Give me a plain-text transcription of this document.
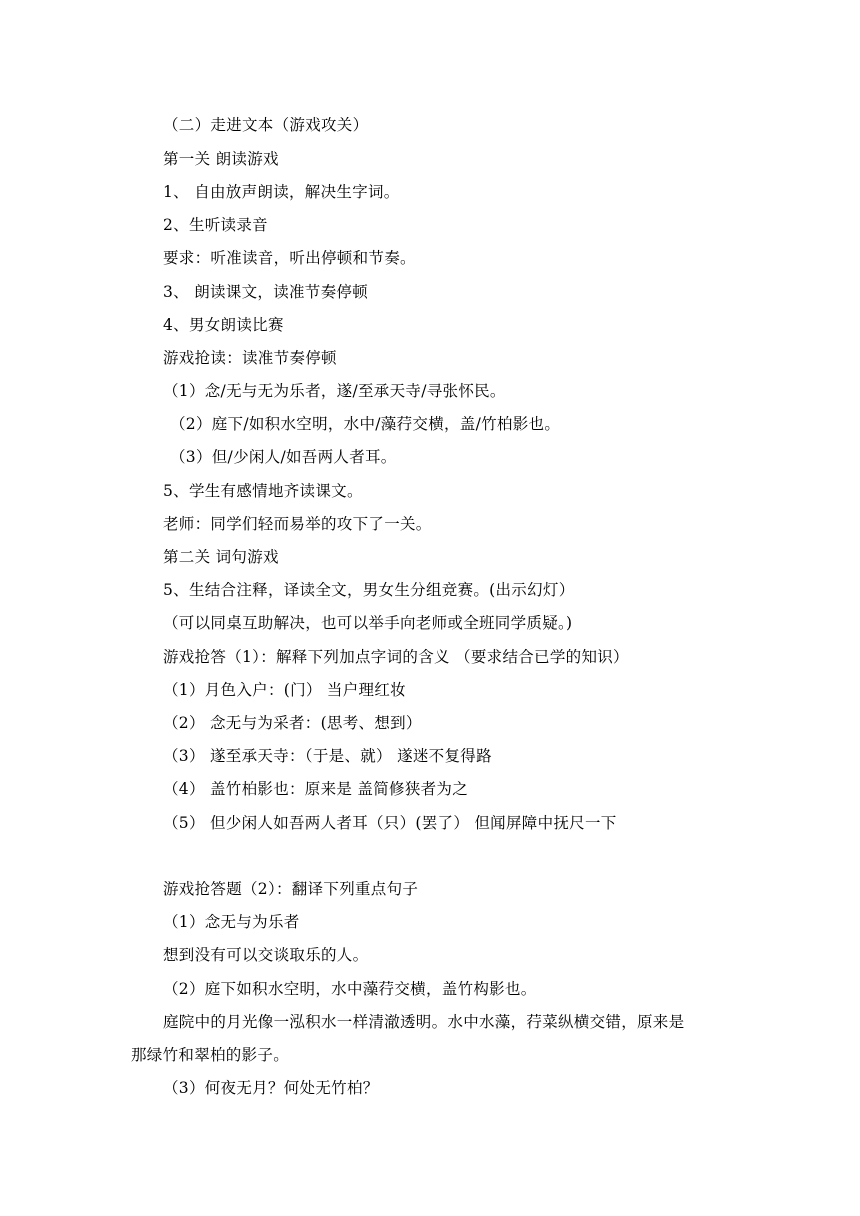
（二）走进文本（游戏攻关）
第一关 朗读游戏
1、 自由放声朗读，解决生字词。
2、生听读录音
要求：听准读音，听出停顿和节奏。
3、 朗读课文，读准节奏停顿
4、男女朗读比赛
游戏抢读：读准节奏停顿
（1）念/无与无为乐者，遂/至承天寺/寻张怀民。
（2）庭下/如积水空明，水中/藻荇交横，盖/竹柏影也。
（3）但/少闲人/如吾两人者耳。
5、学生有感情地齐读课文。
老师：同学们轻而易举的攻下了一关。
第二关 词句游戏
5、生结合注释，译读全文，男女生分组竞赛。(出示幻灯）
（可以同桌互助解决，也可以举手向老师或全班同学质疑。)
游戏抢答（1）：解释下列加点字词的含义 （要求结合已学的知识）
（1）月色入户：(门） 当户理红妆
（2） 念无与为采者：(思考、想到）
（3） 遂至承天寺：（于是、就） 遂迷不复得路
（4） 盖竹柏影也：原来是 盖简修狭者为之
（5） 但少闲人如吾两人者耳（只）(罢了） 但闻屏障中抚尺一下
游戏抢答题（2）：翻译下列重点句子
（1）念无与为乐者
想到没有可以交谈取乐的人。
（2）庭下如积水空明，水中藻荇交横，盖竹构影也。
庭院中的月光像一泓积水一样清澈透明。水中水藻，荇菜纵横交错，原来是
那绿竹和翠柏的影子。
（3）何夜无月？何处无竹柏？
